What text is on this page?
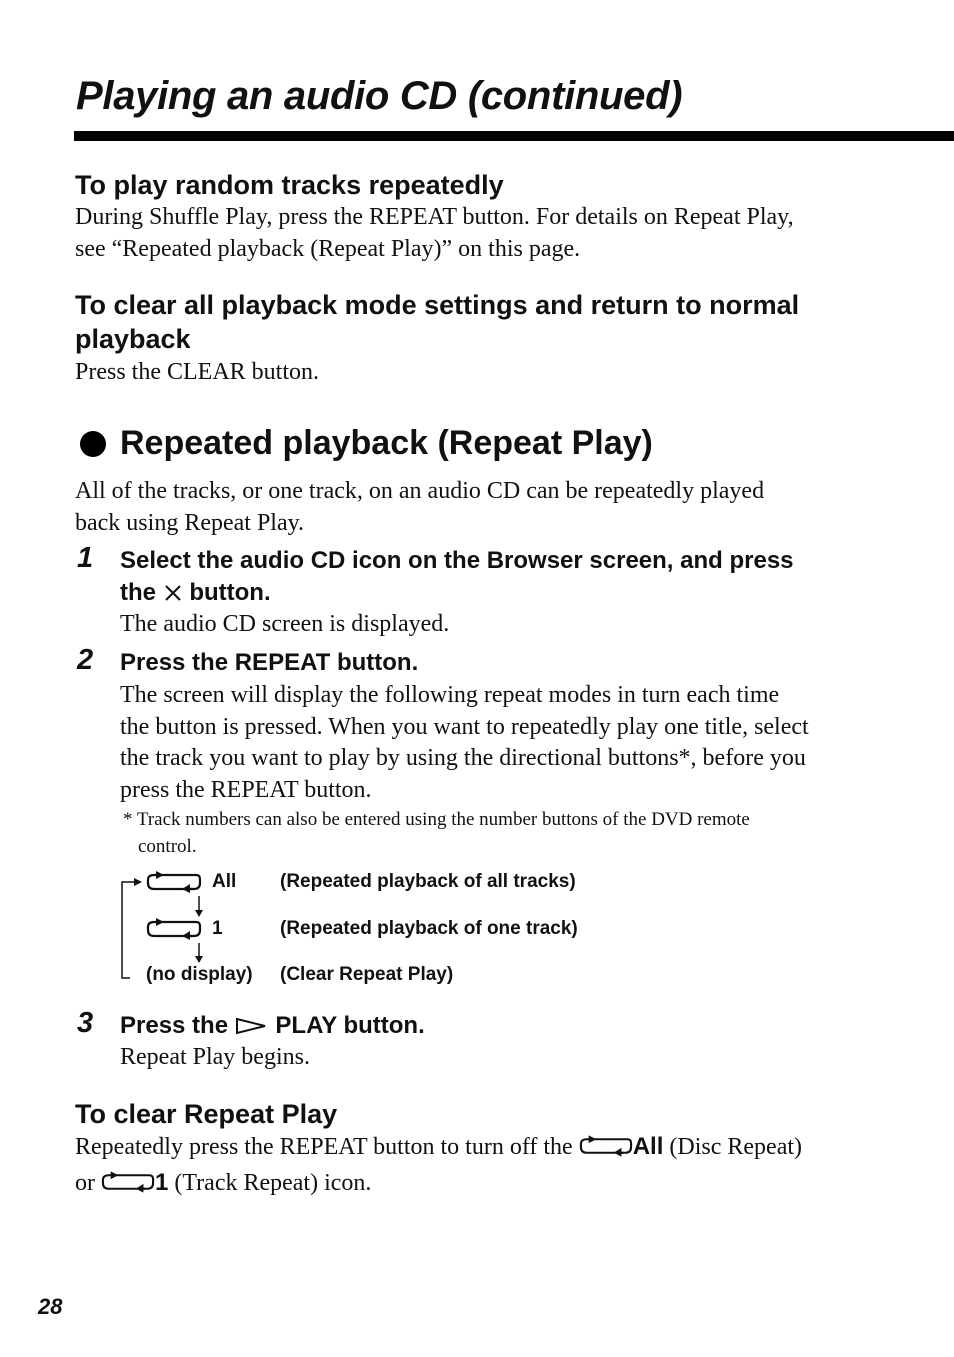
Playing an audio CD (continued)
To play random tracks repeatedly
During Shuffle Play, press the REPEAT button. For details on Repeat Play,
see “Repeated playback (Repeat Play)” on this page.
To clear all playback mode settings and return to normal
playback
Press the CLEAR button.
Repeated playback (Repeat Play)
All of the tracks, or one track, on an audio CD can be repeatedly played
back using Repeat Play.
1 Select the audio CD icon on the Browser screen, and press
the button.
The audio CD screen is displayed.
2 Press the REPEAT button.
The screen will display the following repeat modes in turn each time
the button is pressed. When you want to repeatedly play one title, select
the track you want to play by using the directional buttons*, before you
press the REPEAT button.
* Track numbers can also be entered using the number buttons of the DVD remote
control.
All (Repeated playback of all tracks)
1	(Repeated playback of one track)
(no display) (Clear Repeat Play)
3 Press the PLAY button.
Repeat Play begins.
To clear Repeat Play
Repeatedly press the REPEAT button to turn off the	All (Disc Repeat)
or	1 (Track Repeat) icon.
28
